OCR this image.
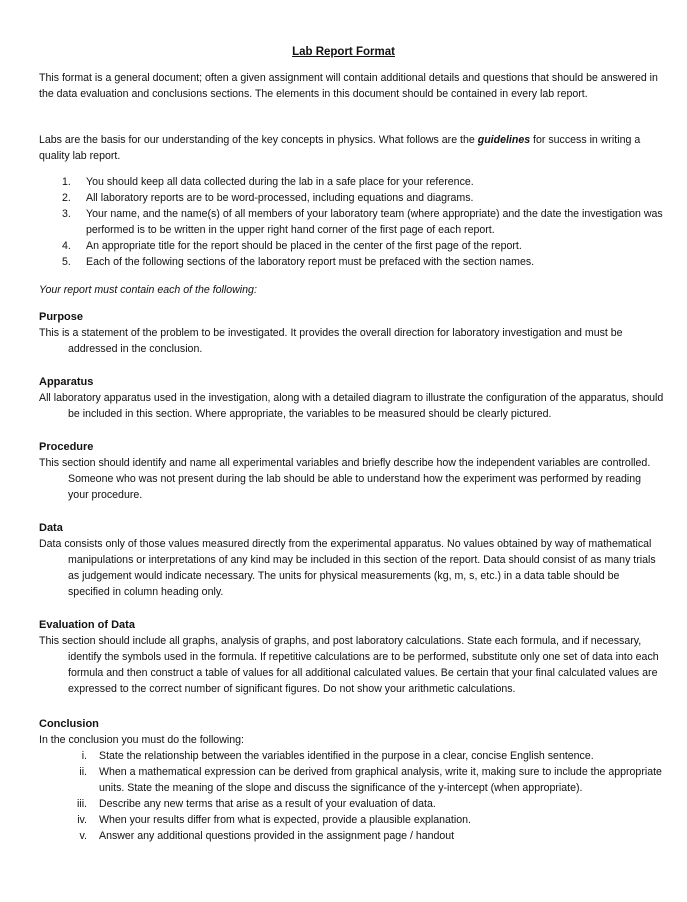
Lab Report Format
This format is a general document; often a given assignment will contain additional details and questions that should be answered in the data evaluation and conclusions sections. The elements in this document should be contained in every lab report.
Labs are the basis for our understanding of the key concepts in physics. What follows are the guidelines for success in writing a quality lab report.
1. You should keep all data collected during the lab in a safe place for your reference.
2. All laboratory reports are to be word-processed, including equations and diagrams.
3. Your name, and the name(s) of all members of your laboratory team (where appropriate) and the date the investigation was performed is to be written in the upper right hand corner of the first page of each report.
4. An appropriate title for the report should be placed in the center of the first page of the report.
5. Each of the following sections of the laboratory report must be prefaced with the section names.
Your report must contain each of the following:
Purpose
This is a statement of the problem to be investigated. It provides the overall direction for laboratory investigation and must be addressed in the conclusion.
Apparatus
All laboratory apparatus used in the investigation, along with a detailed diagram to illustrate the configuration of the apparatus, should be included in this section. Where appropriate, the variables to be measured should be clearly pictured.
Procedure
This section should identify and name all experimental variables and briefly describe how the independent variables are controlled. Someone who was not present during the lab should be able to understand how the experiment was performed by reading your procedure.
Data
Data consists only of those values measured directly from the experimental apparatus. No values obtained by way of mathematical manipulations or interpretations of any kind may be included in this section of the report. Data should consist of as many trials as judgement would indicate necessary. The units for physical measurements (kg, m, s, etc.) in a data table should be specified in column heading only.
Evaluation of Data
This section should include all graphs, analysis of graphs, and post laboratory calculations. State each formula, and if necessary, identify the symbols used in the formula. If repetitive calculations are to be performed, substitute only one set of data into each formula and then construct a table of values for all additional calculated values. Be certain that your final calculated values are expressed to the correct number of significant figures. Do not show your arithmetic calculations.
Conclusion
In the conclusion you must do the following:
i. State the relationship between the variables identified in the purpose in a clear, concise English sentence.
ii. When a mathematical expression can be derived from graphical analysis, write it, making sure to include the appropriate units. State the meaning of the slope and discuss the significance of the y-intercept (when appropriate).
iii. Describe any new terms that arise as a result of your evaluation of data.
iv. When your results differ from what is expected, provide a plausible explanation.
v. Answer any additional questions provided in the assignment page / handout
